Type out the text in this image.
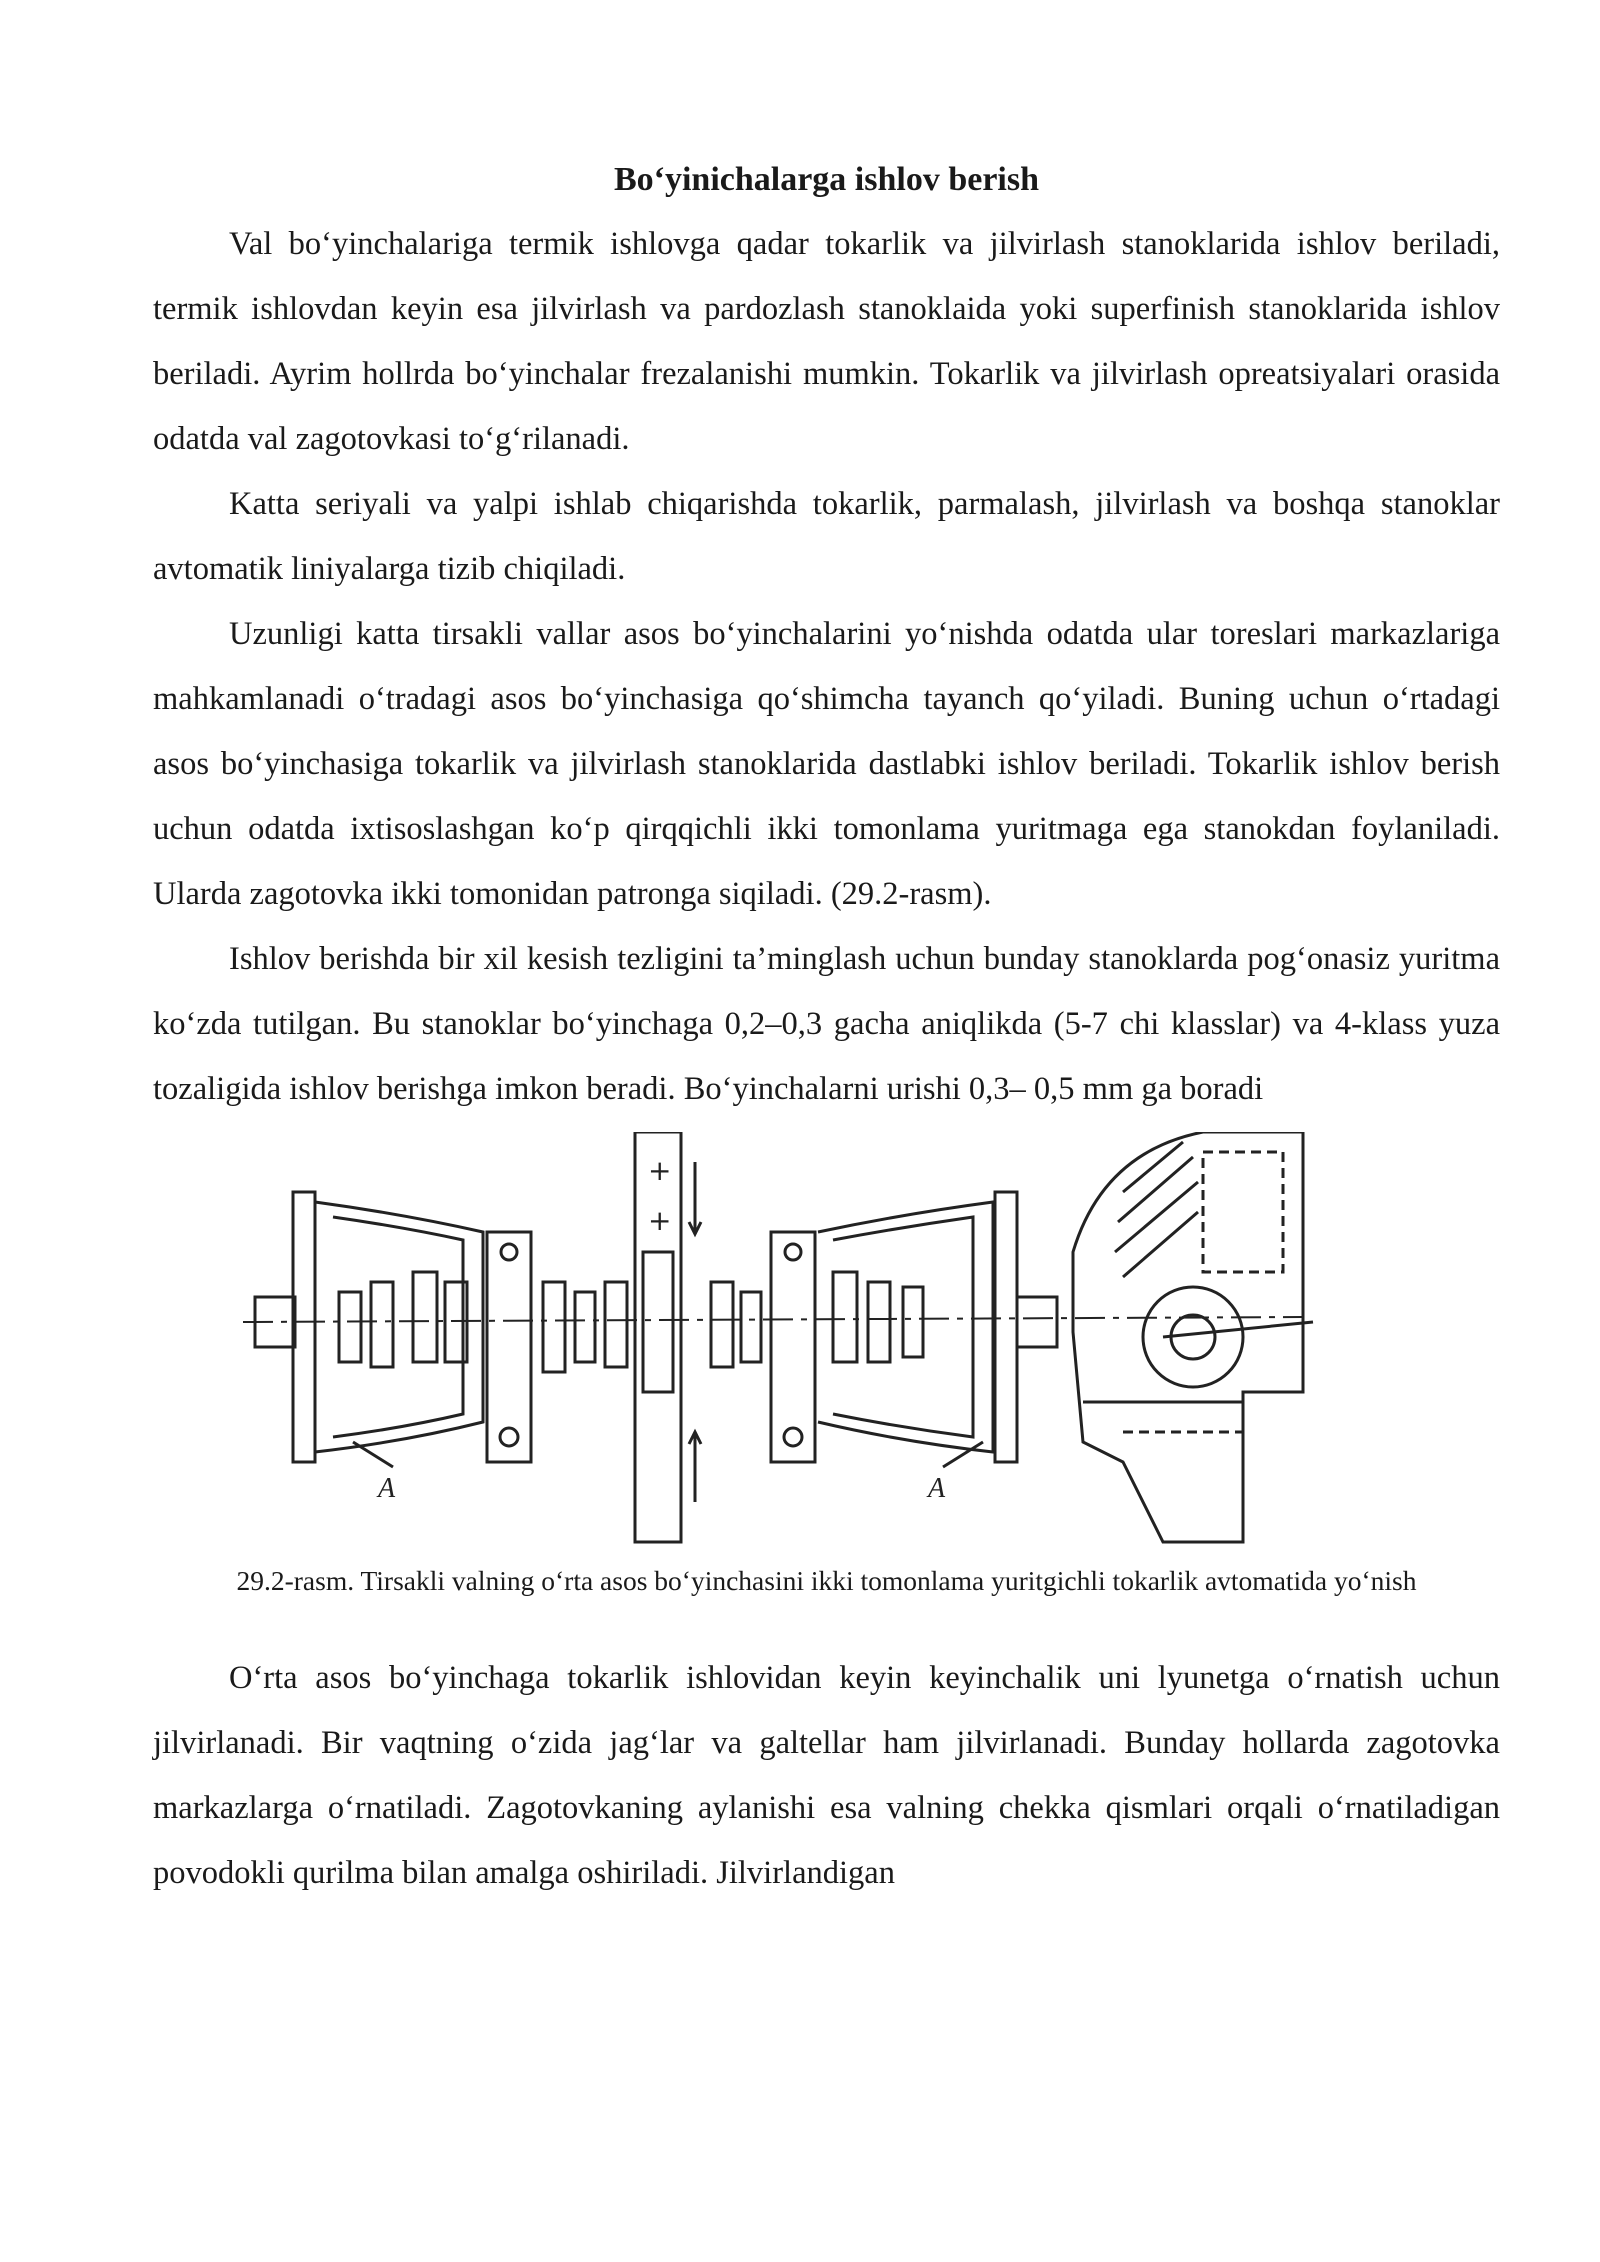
Bo‘yinichalarga ishlov berish

Val bo‘yinchalariga termik ishlovga qadar tokarlik va jilvirlash stanoklarida ishlov beriladi, termik ishlovdan keyin esa jilvirlash va pardozlash stanoklaida yoki superfinish stanoklarida ishlov beriladi. Ayrim hollrda bo‘yinchalar frezalanishi mumkin. Tokarlik va jilvirlash opreatsiyalari orasida odatda val zagotovkasi to‘g‘rilanadi.

Katta seriyali va yalpi ishlab chiqarishda tokarlik, parmalash, jilvirlash va boshqa stanoklar avtomatik liniyalarga tizib chiqiladi.

Uzunligi katta tirsakli vallar asos bo‘yinchalarini yo‘nishda odatda ular toreslari markazlariga mahkamlanadi o‘tradagi asos bo‘yinchasiga qo‘shimcha tayanch qo‘yiladi. Buning uchun o‘rtadagi asos bo‘yinchasiga tokarlik va jilvirlash stanoklarida dastlabki ishlov beriladi. Tokarlik ishlov berish uchun odatda ixtisoslashgan ko‘p qirqqichli ikki tomonlama yuritmaga ega stanokdan foylaniladi. Ularda zagotovka ikki tomonidan patronga siqiladi. (29.2-rasm).

Ishlov berishda bir xil kesish tezligini ta’minglash uchun bunday stanoklarda pog‘onasiz yuritma ko‘zda tutilgan. Bu stanoklar bo‘yinchaga 0,2–0,3 gacha aniqlikda (5-7 chi klasslar) va 4-klass yuza tozaligida ishlov berishga imkon beradi. Bo‘yinchalarni urishi 0,3– 0,5 mm ga boradi

A	A
+
+

29.2-rasm. Tirsakli valning o‘rta asos bo‘yinchasini ikki tomonlama yuritgichli tokarlik avtomatida yo‘nish

O‘rta asos bo‘yinchaga tokarlik ishlovidan keyin keyinchalik uni lyunetga o‘rnatish uchun jilvirlanadi. Bir vaqtning o‘zida jag‘lar va galtellar ham jilvirlanadi. Bunday hollarda zagotovka markazlarga o‘rnatiladi. Zagotovkaning aylanishi esa valning chekka qismlari orqali o‘rnatiladigan povodokli qurilma bilan amalga oshiriladi. Jilvirlandigan
